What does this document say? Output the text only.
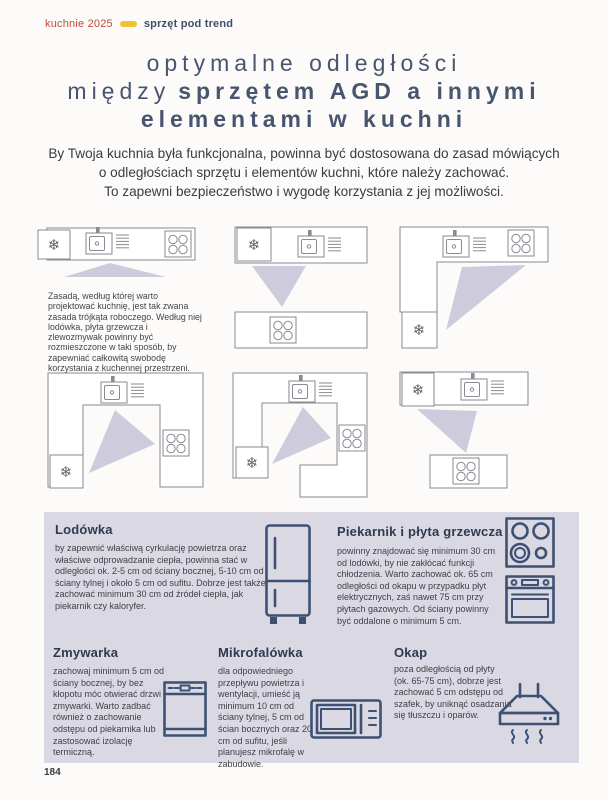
kuchnie 2025	sprzęt pod trend
optymalne odległości
między sprzętem AGD a innymi
elementami w kuchni
By Twoja kuchnia była funkcjonalna, powinna być dostosowana do zasad mówiących
o odległościach sprzętu i elementów kuchni, które należy zachować.
To zapewni bezpieczeństwo i wygodę korzystania z jej możliwości.
❄	❄
❄
❄	❄
❄
Zasadą, według której warto projektować kuchnię, jest tak zwana zasada trójkąta roboczego. Według niej lodówka, płyta grzewcza i zlewozmywak powinny być rozmieszczone w taki sposób, by zapewniać całkowitą swobodę korzystania z kuchennej przestrzeni.
Lodówka
by zapewnić właściwą cyrkulację powietrza oraz właściwe odprowadzanie ciepła, powinna stać w odległości ok. 2-5 cm od ściany bocznej, 5-10 cm od ściany tylnej i około 5 cm od sufitu. Dobrze jest także zachować minimum 30 cm od źródeł ciepła, jak piekarnik czy kaloryfer.
Piekarnik i płyta grzewcza
powinny znajdować się minimum 30 cm od lodówki, by nie zakłócać funkcji chłodzenia. Warto zachować ok. 65 cm odległości od okapu w przypadku płyt elektrycznych, zaś nawet 75 cm przy płytach gazowych. Od ściany powinny być oddalone o minimum 5 cm.
Zmywarka
zachowaj minimum 5 cm od ściany bocznej, by bez kłopotu móc otwierać drzwi zmywarki. Warto zadbać również o zachowanie odstępu od piekarnika lub zastosować izolację termiczną.
Mikrofalówka
dla odpowiedniego przepływu powietrza i wentylacji, umieść ją minimum 10 cm od ściany tylnej, 5 cm od ścian bocznych oraz 20 cm od sufitu, jeśli planujesz mikrofalę w zabudowie.
Okap
poza odległością od płyty (ok. 65-75 cm), dobrze jest zachować 5 cm odstępu od szafek, by uniknąć osadzania się tłuszczu i oparów.
184
